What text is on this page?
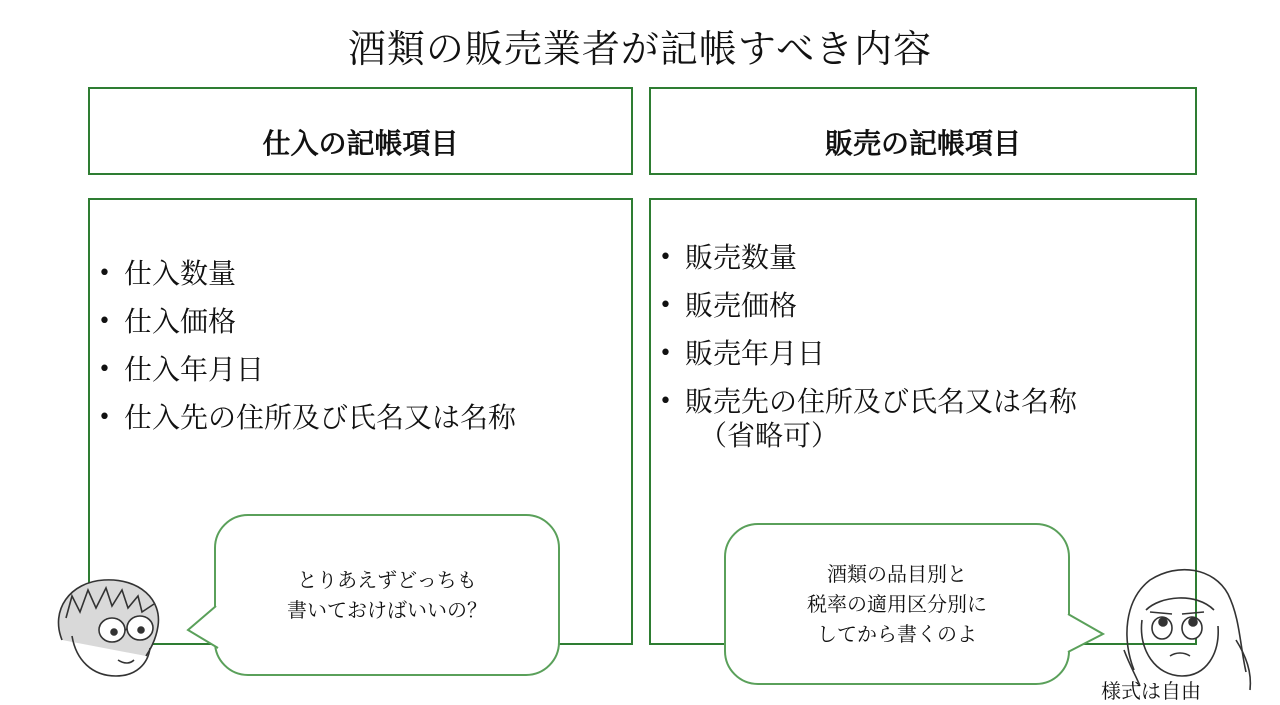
酒類の販売業者が記帳すべき内容
仕入の記帳項目
• 仕入数量
• 仕入価格
• 仕入年月日
• 仕入先の住所及び氏名又は名称
販売の記帳項目
• 販売数量
• 販売価格
• 販売年月日
• 販売先の住所及び氏名又は名称
（省略可）
とりあえずどっちも
書いておけばいいの？
酒類の品目別と
税率の適用区分別に
してから書くのよ
様式は自由
